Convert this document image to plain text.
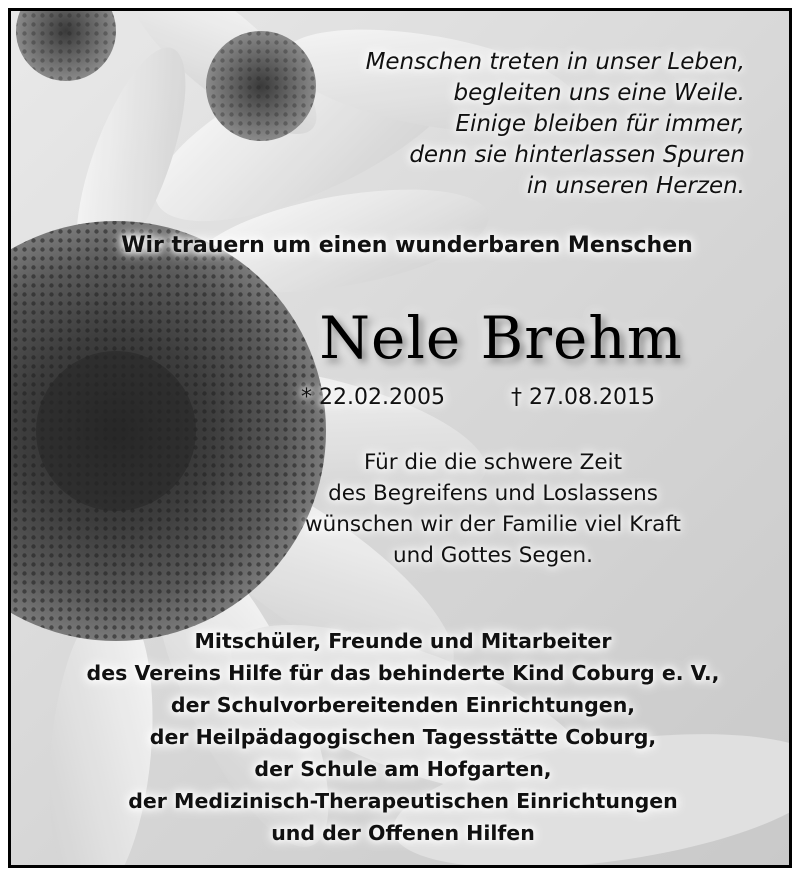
Menschen treten in unser Leben,
begleiten uns eine Weile.
Einige bleiben für immer,
denn sie hinterlassen Spuren
in unseren Herzen.
Wir trauern um einen wunderbaren Menschen
Nele Brehm
* 22.02.2005	† 27.08.2015
Für die die schwere Zeit
des Begreifens und Loslassens
wünschen wir der Familie viel Kraft
und Gottes Segen.
Mitschüler, Freunde und Mitarbeiter
des Vereins Hilfe für das behinderte Kind Coburg e. V.,
der Schulvorbereitenden Einrichtungen,
der Heilpädagogischen Tagesstätte Coburg,
der Schule am Hofgarten,
der Medizinisch-Therapeutischen Einrichtungen
und der Offenen Hilfen
